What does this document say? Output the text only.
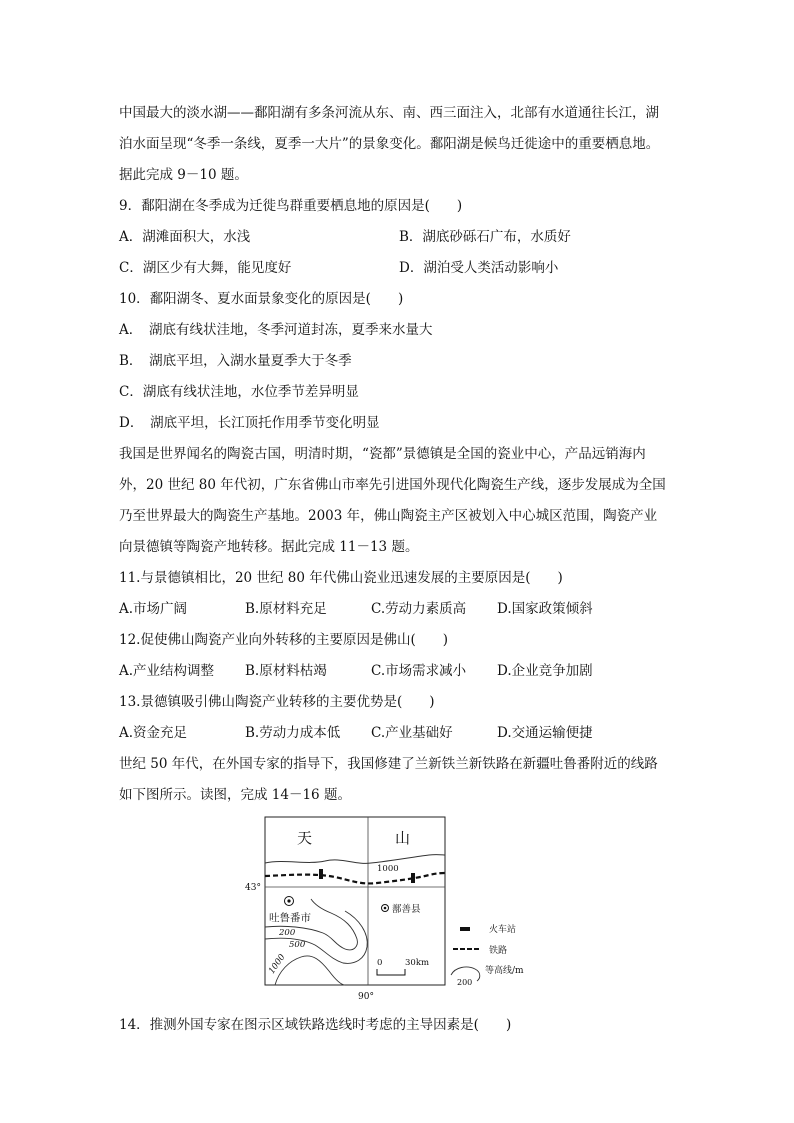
中国最大的淡水湖——鄱阳湖有多条河流从东、南、西三面注入，北部有水道通往长江，湖
泊水面呈现“冬季一条线，夏季一大片”的景象变化。鄱阳湖是候鸟迁徙途中的重要栖息地。
据此完成 9－10 题。
9．鄱阳湖在冬季成为迁徙鸟群重要栖息地的原因是(　　)
A．湖滩面积大，水浅	B．湖底砂砾石广布，水质好
C．湖区少有大舞，能见度好	D．湖泊受人类活动影响小
10．鄱阳湖冬、夏水面景象变化的原因是(　　)
A．　湖底有线状洼地，冬季河道封冻，夏季来水量大
B．　湖底平坦，入湖水量夏季大于冬季
C．湖底有线状洼地，水位季节差异明显
D．　湖底平坦，长江顶托作用季节变化明显
我国是世界闻名的陶瓷古国，明清时期，“瓷都”景德镇是全国的瓷业中心，产品远销海内
外，20 世纪 80 年代初，广东省佛山市率先引进国外现代化陶瓷生产线，逐步发展成为全国
乃至世界最大的陶瓷生产基地。2003 年，佛山陶瓷主产区被划入中心城区范围，陶瓷产业
向景德镇等陶瓷产地转移。据此完成 11－13 题。
11.与景德镇相比，20 世纪 80 年代佛山瓷业迅速发展的主要原因是(　　)
A.市场广阔	B.原材料充足	C.劳动力素质高	D.国家政策倾斜
12.促使佛山陶瓷产业向外转移的主要原因是佛山(　　)
A.产业结构调整	B.原材料枯竭	C.市场需求减小	D.企业竞争加剧
13.景德镇吸引佛山陶瓷产业转移的主要优势是(　　)
A.资金充足	B.劳动力成本低	C.产业基础好	D.交通运输便捷
世纪 50 年代，在外国专家的指导下，我国修建了兰新铁兰新铁路在新疆吐鲁番附近的线路
如下图所示。读图，完成 14－16 题。
天	山
1000
吐鲁番市
鄯善县
200
500
1000	0	30km
43°
90°
火车站
铁路
200
等高线/m
14．推测外国专家在图示区域铁路选线时考虑的主导因素是(　　)
